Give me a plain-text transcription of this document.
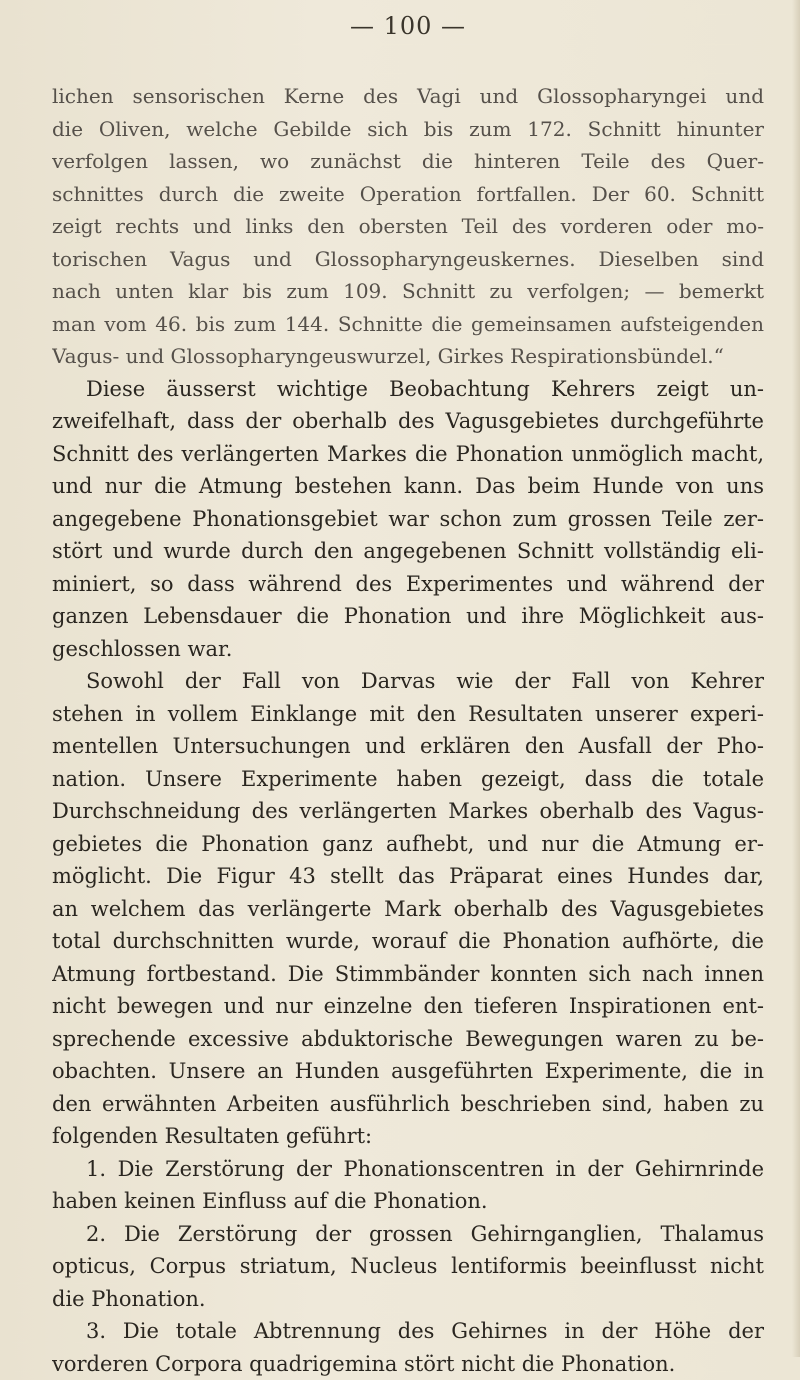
— 100 —
lichen sensorischen Kerne des Vagi und Glossopharyngei und
die Oliven, welche Gebilde sich bis zum 172. Schnitt hinunter
verfolgen lassen, wo zunächst die hinteren Teile des Quer-
schnittes durch die zweite Operation fortfallen. Der 60. Schnitt
zeigt rechts und links den obersten Teil des vorderen oder mo-
torischen Vagus und Glossopharyngeuskernes. Dieselben sind
nach unten klar bis zum 109. Schnitt zu verfolgen; — bemerkt
man vom 46. bis zum 144. Schnitte die gemeinsamen aufsteigenden
Vagus- und Glossopharyngeuswurzel, Girkes Respirationsbündel.“
Diese äusserst wichtige Beobachtung Kehrers zeigt un-
zweifelhaft, dass der oberhalb des Vagusgebietes durchgeführte
Schnitt des verlängerten Markes die Phonation unmöglich macht,
und nur die Atmung bestehen kann. Das beim Hunde von uns
angegebene Phonationsgebiet war schon zum grossen Teile zer-
stört und wurde durch den angegebenen Schnitt vollständig eli-
miniert, so dass während des Experimentes und während der
ganzen Lebensdauer die Phonation und ihre Möglichkeit aus-
geschlossen war.
Sowohl der Fall von Darvas wie der Fall von Kehrer
stehen in vollem Einklange mit den Resultaten unserer experi-
mentellen Untersuchungen und erklären den Ausfall der Pho-
nation. Unsere Experimente haben gezeigt, dass die totale
Durchschneidung des verlängerten Markes oberhalb des Vagus-
gebietes die Phonation ganz aufhebt, und nur die Atmung er-
möglicht. Die Figur 43 stellt das Präparat eines Hundes dar,
an welchem das verlängerte Mark oberhalb des Vagusgebietes
total durchschnitten wurde, worauf die Phonation aufhörte, die
Atmung fortbestand. Die Stimmbänder konnten sich nach innen
nicht bewegen und nur einzelne den tieferen Inspirationen ent-
sprechende excessive abduktorische Bewegungen waren zu be-
obachten. Unsere an Hunden ausgeführten Experimente, die in
den erwähnten Arbeiten ausführlich beschrieben sind, haben zu
folgenden Resultaten geführt:
1. Die Zerstörung der Phonationscentren in der Gehirnrinde
haben keinen Einfluss auf die Phonation.
2. Die Zerstörung der grossen Gehirnganglien, Thalamus
opticus, Corpus striatum, Nucleus lentiformis beeinflusst nicht
die Phonation.
3. Die totale Abtrennung des Gehirnes in der Höhe der
vorderen Corpora quadrigemina stört nicht die Phonation.
